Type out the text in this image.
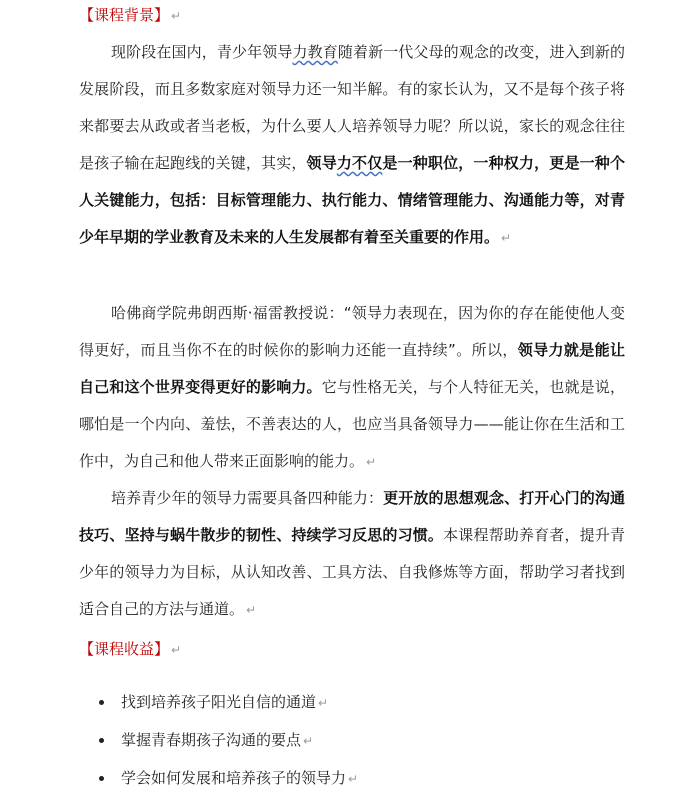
【课程背景】 ↵

现阶段在国内，青少年领导力教育随着新一代父母的观念的改变，进入到新的发展阶段，而且多数家庭对领导力还一知半解。有的家长认为，又不是每个孩子将来都要去从政或者当老板，为什么要人人培养领导力呢？所以说，家长的观念往往是孩子输在起跑线的关键，其实，领导力不仅是一种职位，一种权力，更是一种个人关键能力，包括：目标管理能力、执行能力、情绪管理能力、沟通能力等，对青少年早期的学业教育及未来的人生发展都有着至关重要的作用。 ↵

哈佛商学院弗朗西斯·福雷教授说：“领导力表现在，因为你的存在能使他人变得更好，而且当你不在的时候你的影响力还能一直持续”。所以，领导力就是能让自己和这个世界变得更好的影响力。它与性格无关，与个人特征无关，也就是说，哪怕是一个内向、羞怯，不善表达的人，也应当具备领导力——能让你在生活和工作中，为自己和他人带来正面影响的能力。 ↵

培养青少年的领导力需要具备四种能力：更开放的思想观念、打开心门的沟通技巧、坚持与蜗牛散步的韧性、持续学习反思的习惯。本课程帮助养育者，提升青少年的领导力为目标，从认知改善、工具方法、自我修炼等方面，帮助学习者找到适合自己的方法与通道。 ↵

【课程收益】 ↵
找到培养孩子阳光自信的通道 ↵
掌握青春期孩子沟通的要点 ↵
学会如何发展和培养孩子的领导力 ↵
